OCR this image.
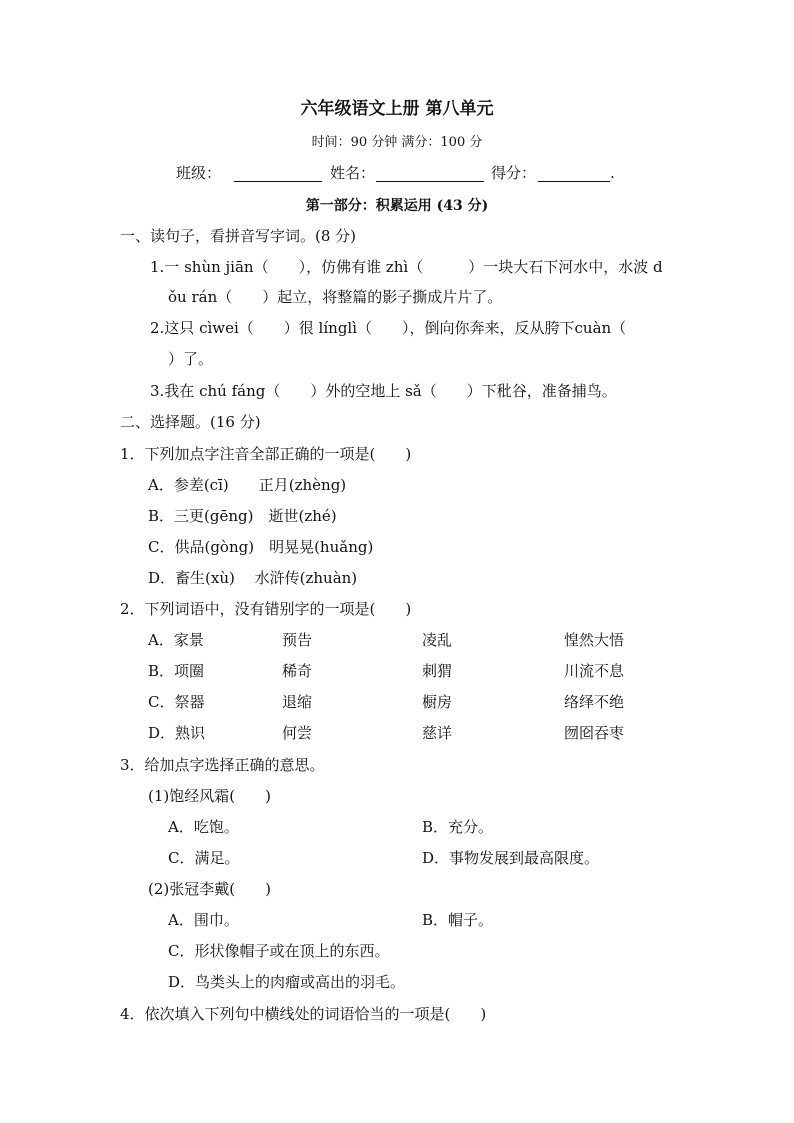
六年级语文上册 第八单元
时间：90 分钟 满分：100 分
班级：	姓名：	得分：	.
第一部分：积累运用 (43 分)
一、读句子，看拼音写字词。(8 分)
1.一 shùn jiān（　　），仿佛有谁 zhì（　　　）一块大石下河水中，水波 d
ǒu rán（　　）起立，将整篇的影子撕成片片了。
2.这只 cìwei（　　）很 línglì（　　），倒向你奔来，反从胯下cuàn（
）了。
3.我在 chú fáng（　　）外的空地上 sǎ（　　）下秕谷，准备捕鸟。
二、选择题。(16 分)
1．下列加点字注音全部正确的一项是(　　)
A．参差(cī)　　正月(zhèng)
B．三更(gēng)　逝世(zhé)
C．供品(gòng)　明晃晃(huǎng)
D．畜生(xù)　 水浒传(zhuàn)
2．下列词语中，没有错别字的一项是(　　)
A．家景	预告	凌乱	惶然大悟
B．项圈	稀奇	刺猬	川流不息
C．祭器	退缩	橱房	络绎不绝
D．熟识	何尝	慈详	囫囵吞枣
3．给加点字选择正确的意思。
(1)饱经风霜(　　)
A．吃饱。	B．充分。
C．满足。	D．事物发展到最高限度。
(2)张冠李戴(　　)
A．围巾。	B．帽子。
C．形状像帽子或在顶上的东西。
D．鸟类头上的肉瘤或高出的羽毛。
4．依次填入下列句中横线处的词语恰当的一项是(　　)
